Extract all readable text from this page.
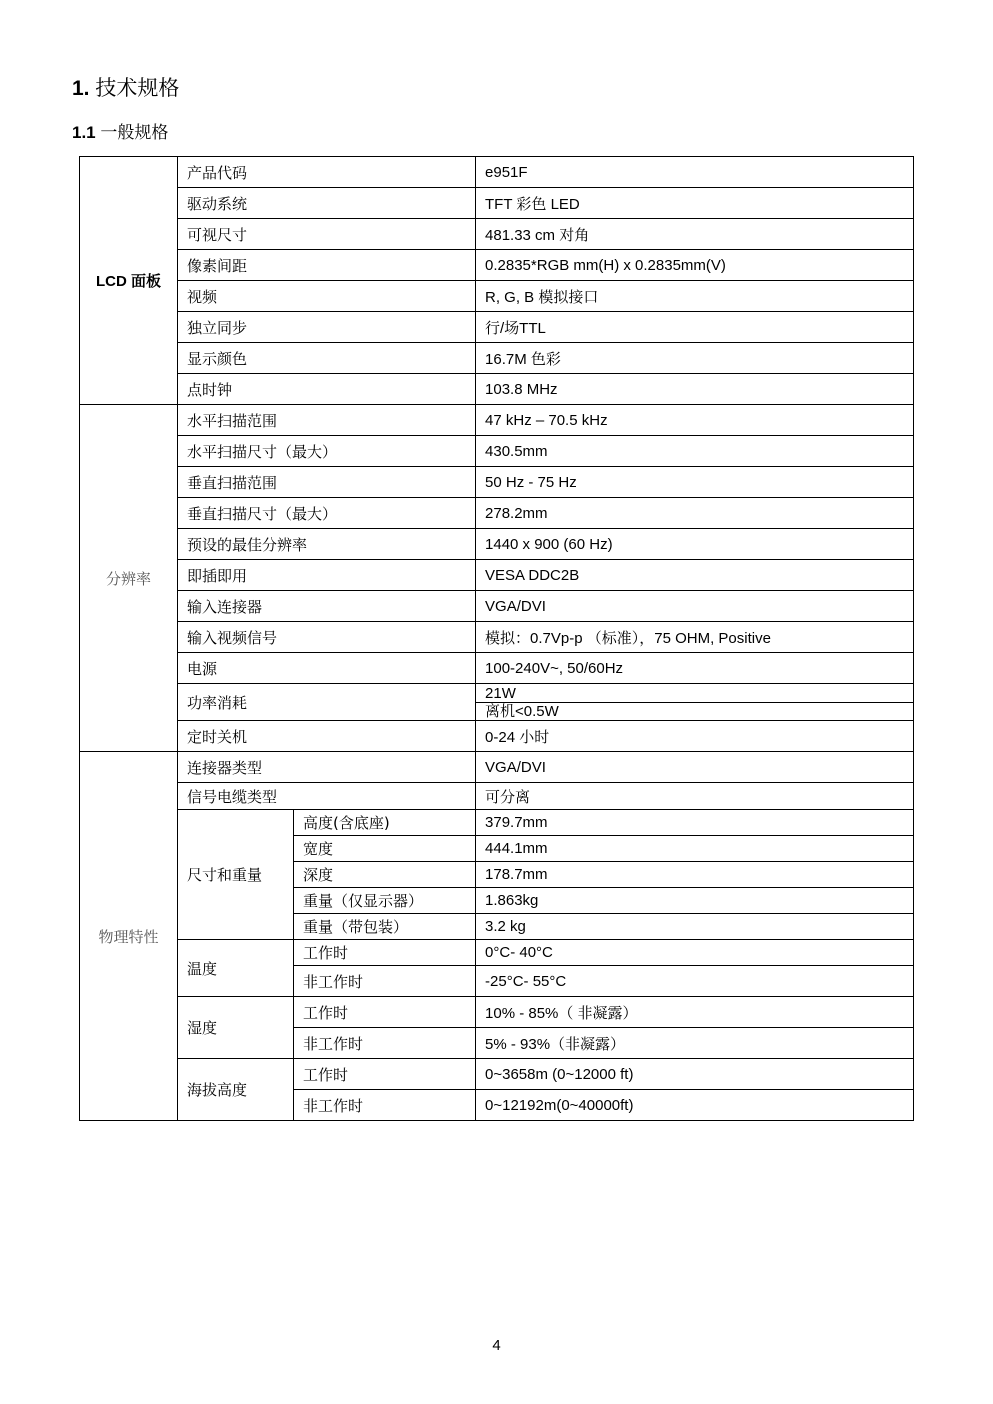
1. 技术规格
1.1 一般规格
LCD 面板	产品代码		e951F
	驱动系统		TFT 彩色 LED
	可视尺寸		481.33 cm 对角
	像素间距		0.2835*RGB mm(H) x 0.2835mm(V)
	视频		R, G, B 模拟接口
	独立同步		行/场TTL
	显示颜色		16.7M 色彩
	点时钟		103.8 MHz
分辨率	水平扫描范围		47 kHz – 70.5 kHz
	水平扫描尺寸（最大）		430.5mm
	垂直扫描范围		50 Hz - 75 Hz
	垂直扫描尺寸（最大）		278.2mm
	预设的最佳分辨率		1440 x 900 (60 Hz)
	即插即用		VESA DDC2B
	输入连接器		VGA/DVI
	输入视频信号		模拟：0.7Vp-p （标准），75 OHM, Positive
	电源		100-240V~, 50/60Hz
	功率消耗		21W
离机<0.5W

	定时关机		0-24 小时
物理特性	连接器类型		VGA/DVI
	信号电缆类型		可分离
	尺寸和重量	高度(含底座)	379.7mm
		宽度	444.1mm
		深度	178.7mm
		重量（仅显示器）	1.863kg
		重量（带包装）	3.2 kg
	温度	工作时	0°C- 40°C
		非工作时	-25°C- 55°C
	湿度	工作时	10% - 85%（ 非凝露）
		非工作时	5% - 93%（非凝露）
	海拔高度	工作时	0~3658m (0~12000 ft)
		非工作时	0~12192m(0~40000ft)
4
